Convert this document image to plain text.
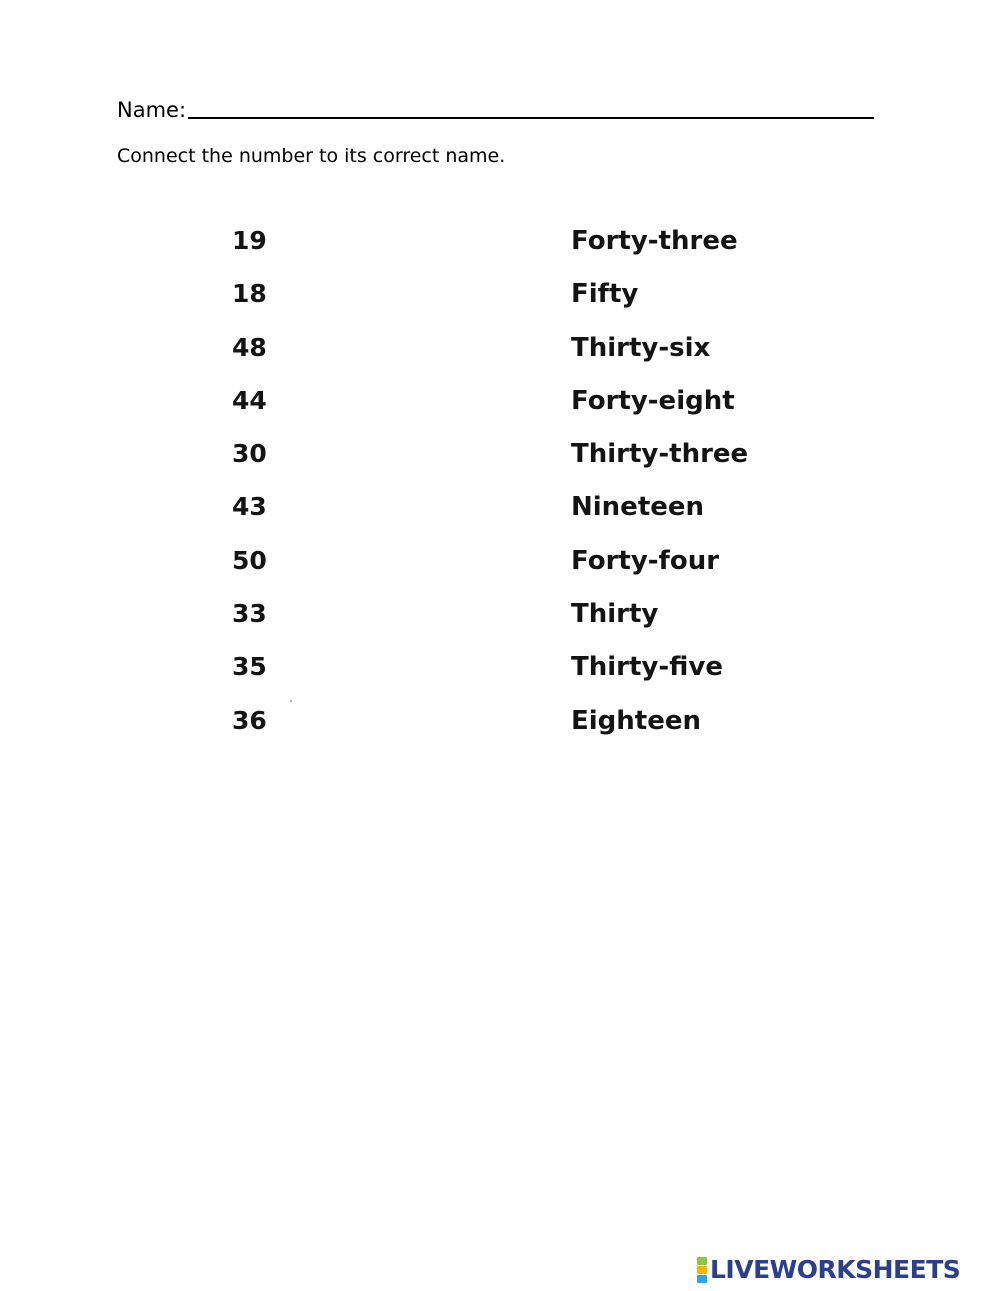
Name:
Connect the number to its correct name.
19
18
48
44
30
43
50
33
35
36
Forty-three
Fifty
Thirty-six
Forty-eight
Thirty-three
Nineteen
Forty-four
Thirty
Thirty-five
Eighteen
LIVEWORKSHEETS
